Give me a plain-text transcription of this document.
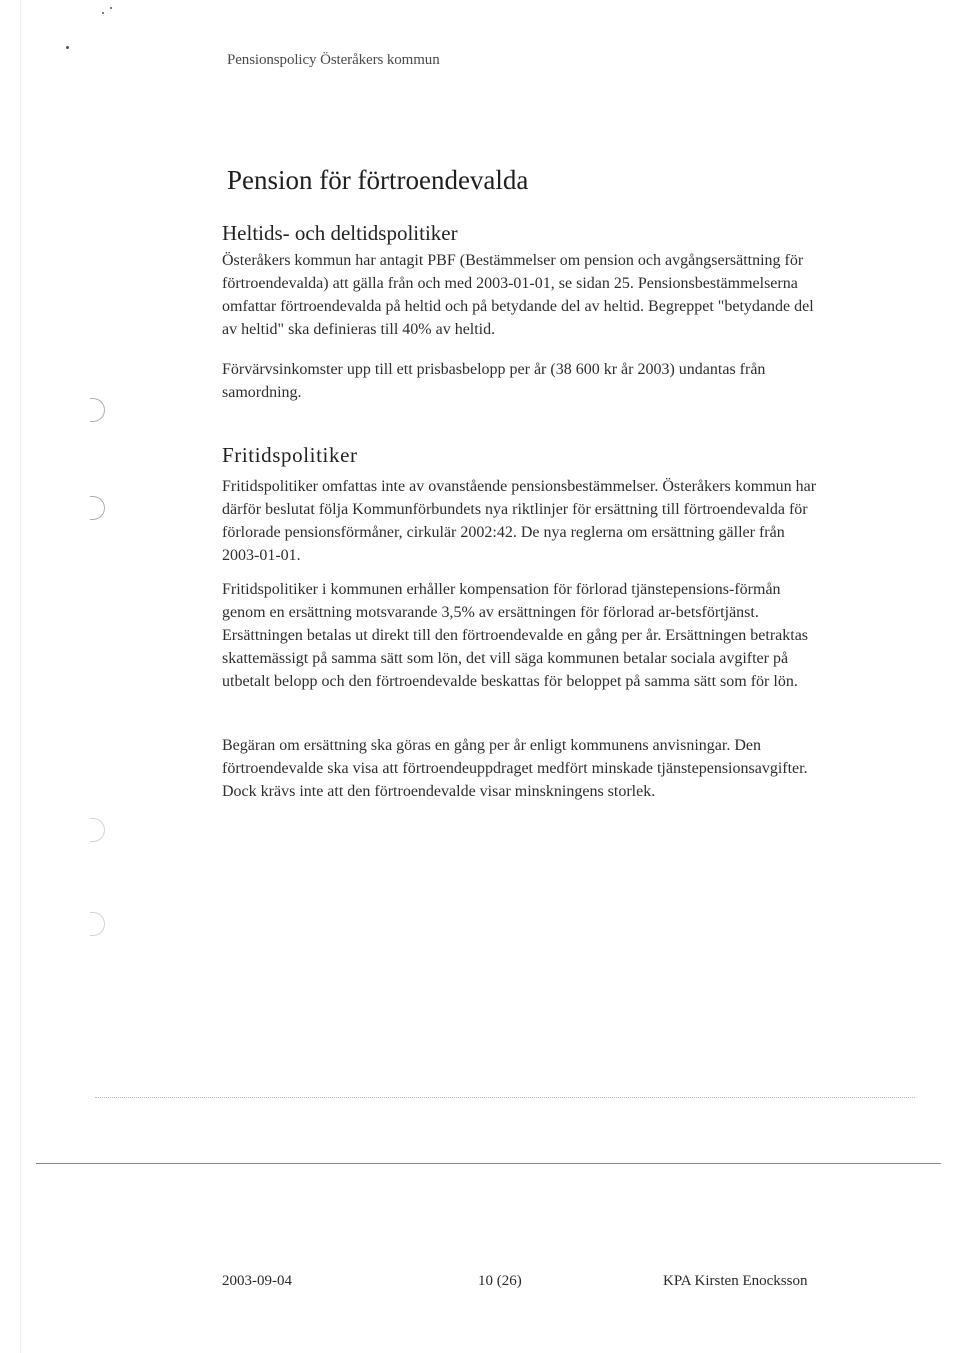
Pensionspolicy Österåkers kommun
Pension för förtroendevalda
Heltids- och deltidspolitiker

Österåkers kommun har antagit PBF (Bestämmelser om pension och avgångsersättning för förtroendevalda) att gälla från och med 2003-01-01, se sidan 25. Pensionsbestämmelserna omfattar förtroendevalda på heltid och på betydande del av heltid. Begreppet "betydande del av heltid" ska definieras till 40% av heltid.

Förvärvsinkomster upp till ett prisbasbelopp per år (38 600 kr år 2003) undantas från samordning.

Fritidspolitiker

Fritidspolitiker omfattas inte av ovanstående pensionsbestämmelser. Österåkers kommun har därför beslutat följa Kommunförbundets nya riktlinjer för ersättning till förtroendevalda för förlorade pensionsförmåner, cirkulär 2002:42. De nya reglerna om ersättning gäller från 2003-01-01.

Fritidspolitiker i kommunen erhåller kompensation för förlorad tjänstepensions-förmån genom en ersättning motsvarande 3,5% av ersättningen för förlorad ar-betsförtjänst. Ersättningen betalas ut direkt till den förtroendevalde en gång per år. Ersättningen betraktas skattemässigt på samma sätt som lön, det vill säga kommunen betalar sociala avgifter på utbetalt belopp och den förtroendevalde beskattas för beloppet på samma sätt som för lön.

Begäran om ersättning ska göras en gång per år enligt kommunens anvisningar. Den förtroendevalde ska visa att förtroendeuppdraget medfört minskade tjänstepensionsavgifter. Dock krävs inte att den förtroendevalde visar minskningens storlek.

2003-09-04	10 (26)	KPA Kirsten Enocksson
